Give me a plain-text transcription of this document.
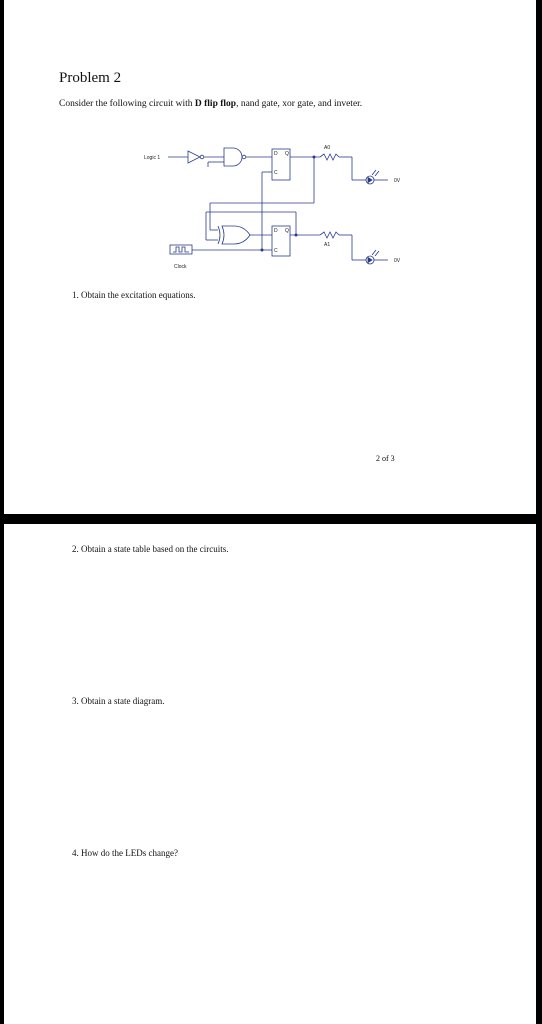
Problem 2
Consider the following circuit with D flip flop, nand gate, xor gate, and inveter.
Logic 1
Clock
D Q
C
D Q
C
A0
A1
0V
0V
1. Obtain the excitation equations.
2 of 3
2. Obtain a state table based on the circuits.
3. Obtain a state diagram.
4. How do the LEDs change?
